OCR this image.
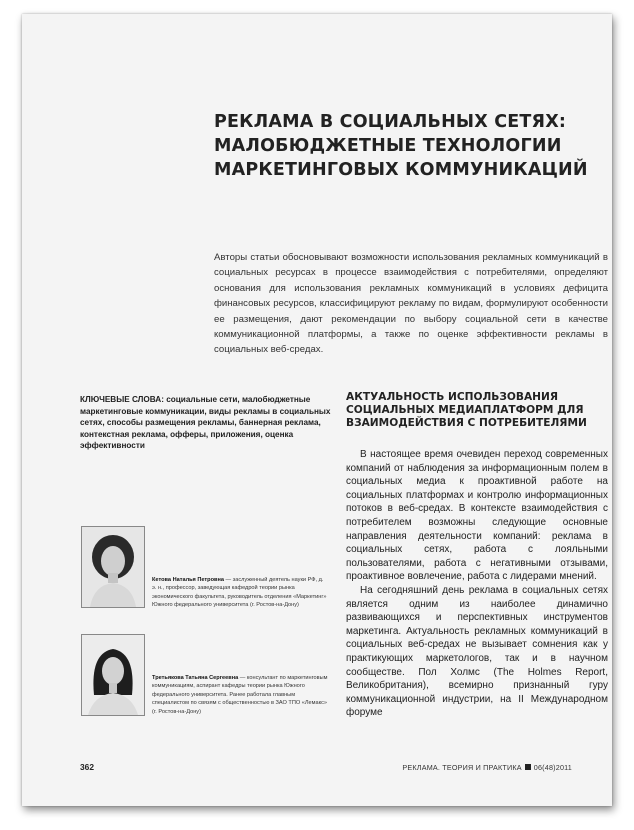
РЕКЛАМА В СОЦИАЛЬНЫХ СЕТЯХ:
МАЛОБЮДЖЕТНЫЕ ТЕХНОЛОГИИ
МАРКЕТИНГОВЫХ КОММУНИКАЦИЙ

Авторы статьи обосновывают возможности использования рекламных коммуникаций в социальных ресурсах в процессе взаимодействия с потребителями, определяют основания для использования рекламных коммуникаций в условиях дефицита финансовых ресурсов, классифицируют рекламу по видам, формулируют особенности ее размещения, дают рекомендации по выбору социальной сети в качестве коммуникационной платформы, а также по оценке эффективности рекламы в социальных веб-средах.

КЛЮЧЕВЫЕ СЛОВА: социальные сети, малобюджетные маркетинговые коммуникации, виды рекламы в социальных сетях, способы размещения рекламы, баннерная реклама, контекстная реклама, офферы, приложения, оценка эффективности

АКТУАЛЬНОСТЬ ИСПОЛЬЗОВАНИЯ
СОЦИАЛЬНЫХ МЕДИАПЛАТФОРМ ДЛЯ
ВЗАИМОДЕЙСТВИЯ С ПОТРЕБИТЕЛЯМИ

В настоящее время очевиден переход современных компаний от наблюдения за информационным полем в социальных медиа к проактивной работе на социальных платформах и контролю информационных потоков в веб-средах. В контексте взаимодействия с потребителем возможны следующие основные направления деятельности компаний: реклама в социальных сетях, работа с лояльными пользователями, работа с негативными отзывами, проактивное вовлечение, работа с лидерами мнений.

На сегодняшний день реклама в социальных сетях является одним из наиболее динамично развивающихся и перспективных инструментов маркетинга. Актуальность рекламных коммуникаций в социальных веб-средах не вызывает сомнения как у практикующих маркетологов, так и в научном сообществе. Пол Холмс (The Holmes Report, Великобритания), всемирно признанный гуру коммуникационной индустрии, на II Международном форуме

Кетова Наталья Петровна — заслуженный деятель науки РФ, д. э. н., профессор, заведующая кафедрой теории рынка экономического факультета, руководитель отделения «Маркетинг» Южного федерального университета (г. Ростов-на-Дону)

Третьякова Татьяна Сергеевна — консультант по маркетинговым коммуникациям, аспирант кафедры теории рынка Южного федерального университета. Ранее работала главным специалистом по связям с общественностью в ЗАО ТПО «Лемакс» (г. Ростов-на-Дону)

362	РЕКЛАМА. ТЕОРИЯ И ПРАКТИКА 06(48)2011
